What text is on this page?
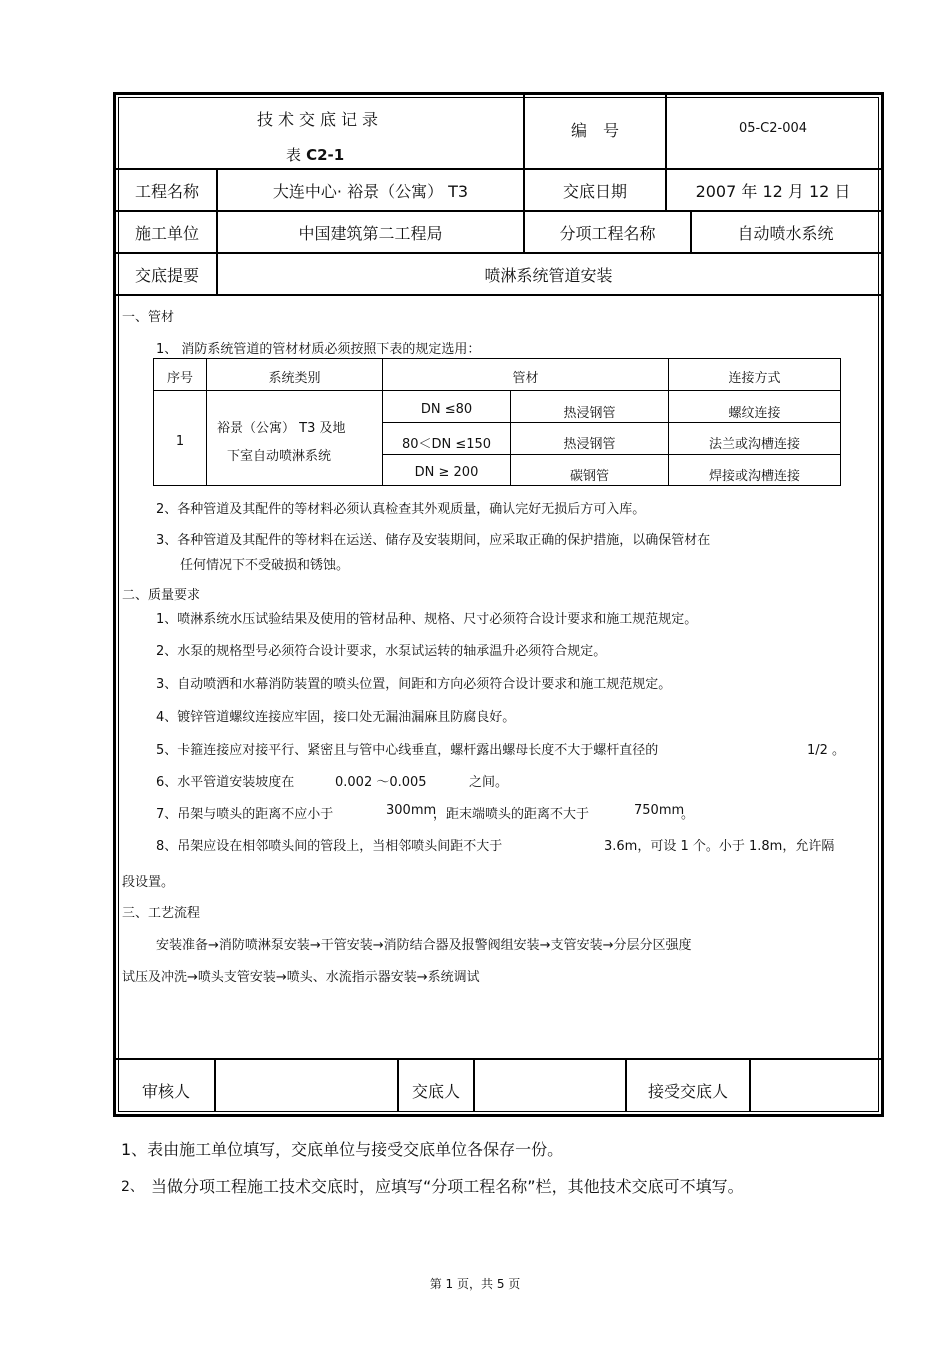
技术交底记录
表 C2-1
编　号	05-C2-004
工程名称	大连中心· 裕景（公寓） T3	交底日期	2007 年 12 月 12 日
施工单位	中国建筑第二工程局	分项工程名称	自动喷水系统
交底提要	喷淋系统管道安装
一、管材
1、 消防系统管道的管材材质必须按照下表的规定选用：
序号	系统类别	管材	连接方式
1
裕景（公寓） T3 及地
下室自动喷淋系统
DN ≤80	热浸钢管	螺纹连接
80＜DN ≤150	热浸钢管	法兰或沟槽连接
DN ≥ 200	碳钢管	焊接或沟槽连接
2、各种管道及其配件的等材料必须认真检查其外观质量，确认完好无损后方可入库。
3、各种管道及其配件的等材料在运送、储存及安装期间，应采取正确的保护措施，以确保管材在
任何情况下不受破损和锈蚀。
二、质量要求
1、喷淋系统水压试验结果及使用的管材品种、规格、尺寸必须符合设计要求和施工规范规定。
2、水泵的规格型号必须符合设计要求，水泵试运转的轴承温升必须符合规定。
3、自动喷洒和水幕消防装置的喷头位置，间距和方向必须符合设计要求和施工规范规定。
4、镀锌管道螺纹连接应牢固，接口处无漏油漏麻且防腐良好。
5、卡箍连接应对接平行、紧密且与管中心线垂直，螺杆露出螺母长度不大于螺杆直径的	1/2 。
6、水平管道安装坡度在	0.002 ～0.005	之间。
7、吊架与喷头的距离不应小于	300mm
，距末端喷头的距离不大于	750mm
。
8、吊架应设在相邻喷头间的管段上，当相邻喷头间距不大于	3.6m，可设 1 个。小于 1.8m，允许隔
段设置。
三、工艺流程
安装准备→消防喷淋泵安装→干管安装→消防结合器及报警阀组安装→支管安装→分层分区强度
试压及冲洗→喷头支管安装→喷头、水流指示器安装→系统调试
审核人	交底人	接受交底人
1、表由施工单位填写，交底单位与接受交底单位各保存一份。
2、 当做分项工程施工技术交底时，应填写“分项工程名称”栏，其他技术交底可不填写。
第 1 页，共 5 页
